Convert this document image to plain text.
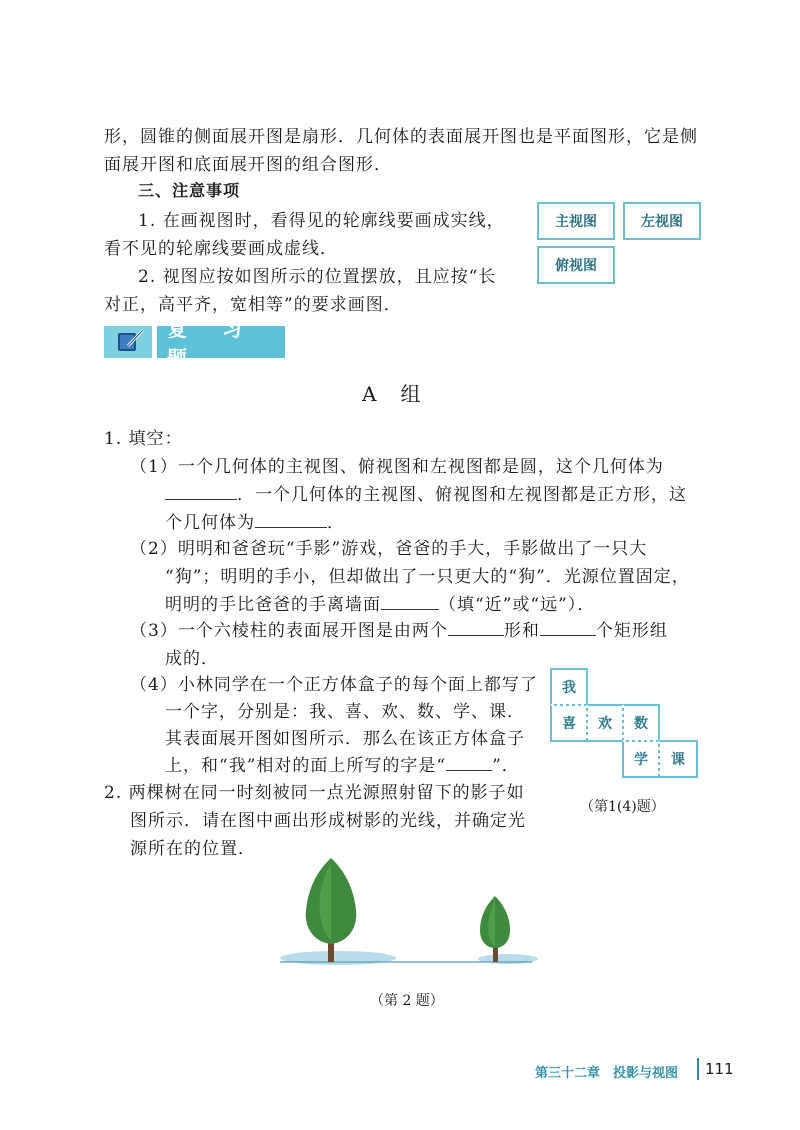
形，圆锥的侧面展开图是扇形．几何体的表面展开图也是平面图形，它是侧
面展开图和底面展开图的组合图形．
三、注意事项
1. 在画视图时，看得见的轮廓线要画成实线，
看不见的轮廓线要画成虚线．
2. 视图应按如图所示的位置摆放，且应按“长
对正，高平齐，宽相等”的要求画图．
主视图	左视图
俯视图
复 习 题
A　组
1. 填空：
（1）一个几何体的主视图、俯视图和左视图都是圆，这个几何体为
．一个几何体的主视图、俯视图和左视图都是正方形，这
个几何体为	．
（2）明明和爸爸玩“手影”游戏，爸爸的手大，手影做出了一只大
“狗”；明明的手小，但却做出了一只更大的“狗”．光源位置固定，
明明的手比爸爸的手离墙面	（填“近”或“远”）．
（3）一个六棱柱的表面展开图是由两个	形和	个矩形组
成的．
（4）小林同学在一个正方体盒子的每个面上都写了
一个字，分别是：我、喜、欢、数、学、课．
其表面展开图如图所示．那么在该正方体盒子
上，和“我”相对的面上所写的字是“	”．
我
喜	欢	数
学	课
（第1(4)题）
2. 两棵树在同一时刻被同一点光源照射留下的影子如
图所示．请在图中画出形成树影的光线，并确定光
源所在的位置．
（第 2 题）
第三十二章　投影与视图 111
